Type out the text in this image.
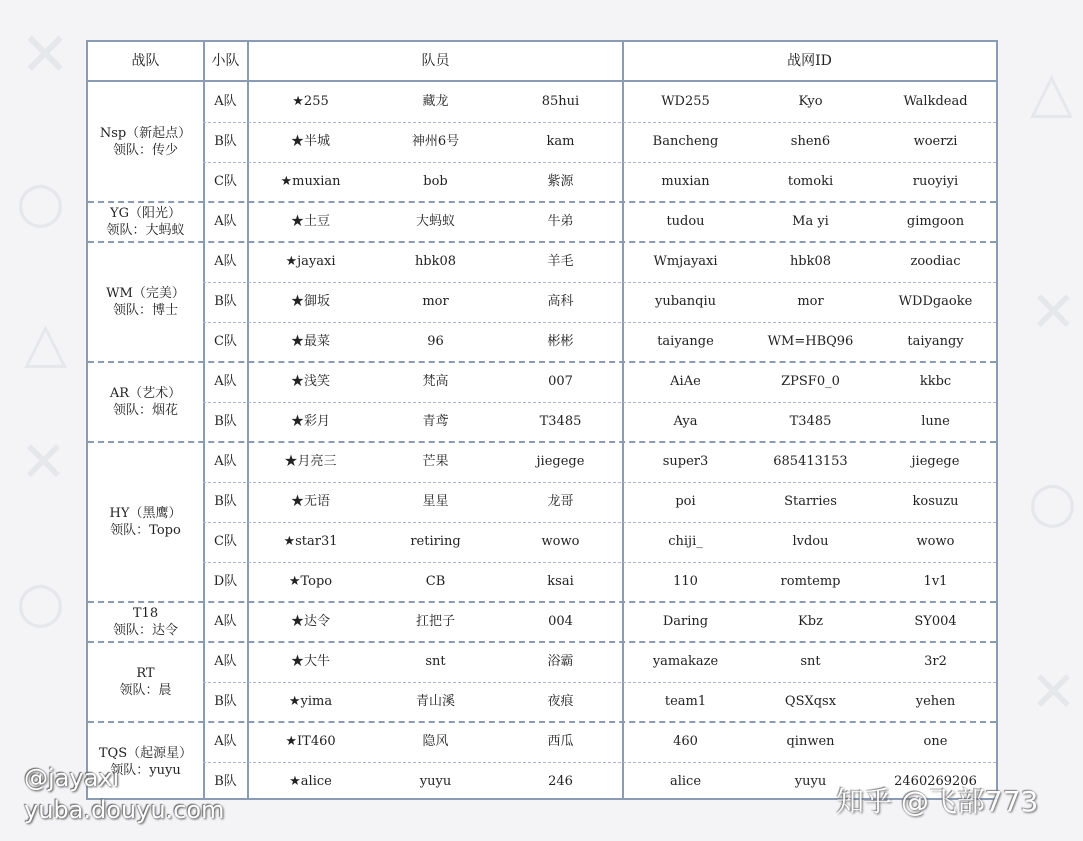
✕
○
△
✕
○
✕
△
○
✕
战队	小队	队员	战网ID
Nsp（新起点）
领队：传少
A队	★255	藏龙	85hui	WD255	Kyo	Walkdead
B队	★半城	神州6号	kam	Bancheng	shen6	woerzi
C队	★muxian	bob	紫源	muxian	tomoki	ruoyiyi
YG（阳光）
领队：大蚂蚁
A队	★土豆	大蚂蚁	牛弟	tudou	Ma yi	gimgoon
WM（完美）
领队：博士
A队	★jayaxi	hbk08	羊毛	Wmjayaxi	hbk08	zoodiac
B队	★御坂	mor	高科	yubanqiu	mor	WDDgaoke
C队	★最菜	96	彬彬	taiyange	WM=HBQ96	taiyangy
AR（艺术）
领队：烟花
A队	★浅笑	梵高	007	AiAe	ZPSF0_0	kkbc
B队	★彩月	青鸢	T3485	Aya	T3485	lune
HY（黑鹰）
领队：Topo
A队	★月亮三	芒果	jiegege	super3	685413153	jiegege
B队	★无语	星星	龙哥	poi	Starries	kosuzu
C队	★star31	retiring	wowo	chiji_	lvdou	wowo
D队	★Topo	CB	ksai	110	romtemp	1v1
T18
领队：达令
A队	★达令	扛把子	004	Daring	Kbz	SY004
RT
领队：晨
A队	★大牛	snt	浴霸	yamakaze	snt	3r2
B队	★yima	青山溪	夜痕	team1	QSXqsx	yehen
TQS（起源星）
领队：yuyu
A队	★IT460	隐风	西瓜	460	qinwen	one
B队	★alice	yuyu	246	alice	yuyu	2460269206
@jayaxi
yuba.douyu.com	知乎 @飞部773
